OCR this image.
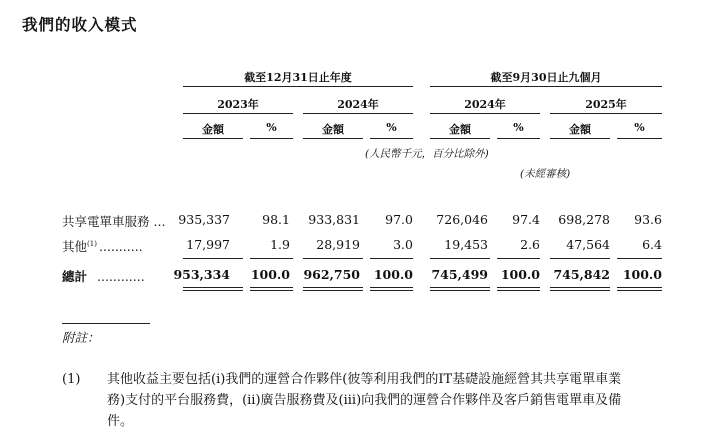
我們的收入模式
截至12月31日止年度	截至9月30日止九個月
2023年	2024年	2024年	2025年
金額	%	金額	%	金額	%	金額	%
(人民幣千元，百分比除外)
(未經審核)
共享電單車服務 ...	935,337	98.1	933,831	97.0	726,046	97.4	698,278	93.6
其他$^{(1)}$ ...........	17,997	1.9	28,919	3.0	19,453	2.6	47,564	6.4
總計 ............	953,334 100.0	962,750 100.0	745,499 100.0	745,842 100.0
附註：
(1) 其他收益主要包括(i)我們的運營合作夥伴(彼等利用我們的IT基礎設施經營其共享電單車業
務)支付的平台服務費，(ii)廣告服務費及(iii)向我們的運營合作夥伴及客戶銷售電單車及備
件。
